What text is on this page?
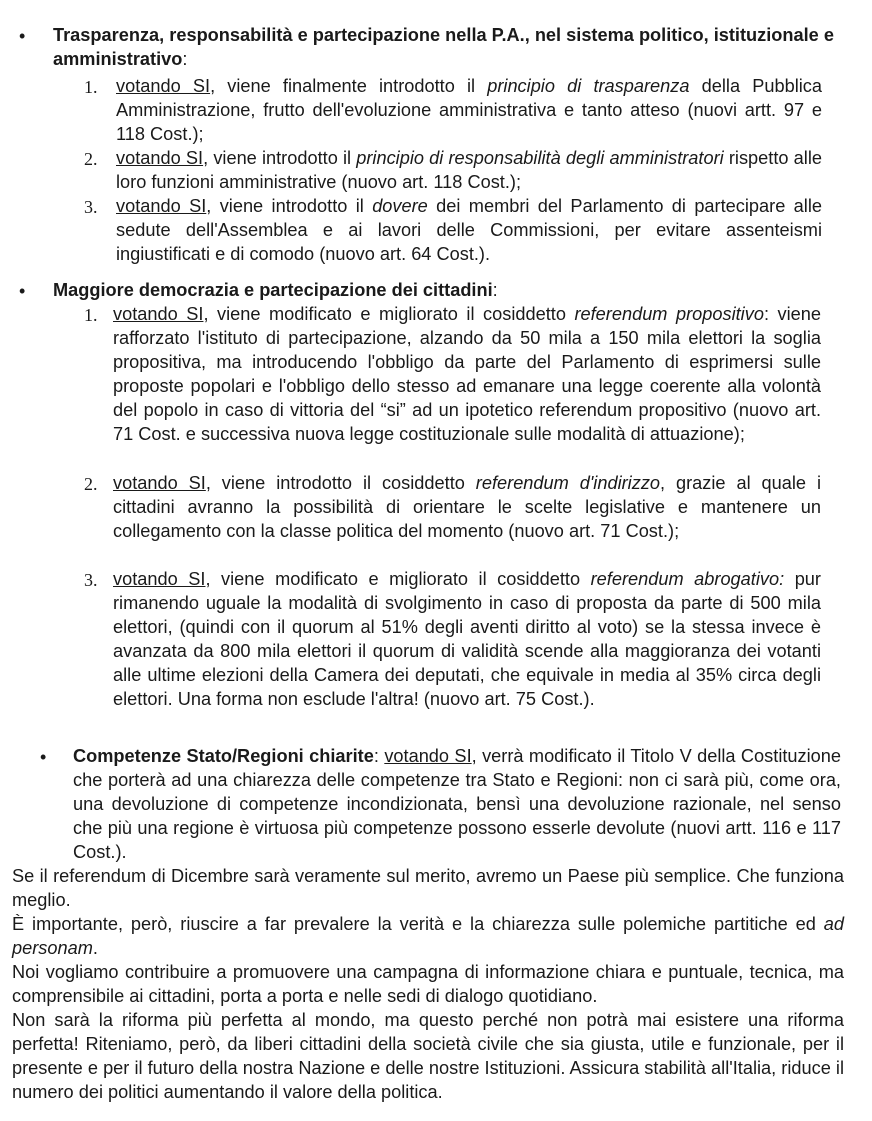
• Trasparenza, responsabilità e partecipazione nella P.A., nel sistema politico, istituzionale e amministrativo:
1. votando SI, viene finalmente introdotto il principio di trasparenza della Pubblica Amministrazione, frutto dell'evoluzione amministrativa e tanto atteso (nuovi artt. 97 e 118 Cost.);
2. votando SI, viene introdotto il principio di responsabilità degli amministratori rispetto alle loro funzioni amministrative (nuovo art. 118 Cost.);
3. votando SI, viene introdotto il dovere dei membri del Parlamento di partecipare alle sedute dell'Assemblea e ai lavori delle Commissioni, per evitare assenteismi ingiustificati e di comodo (nuovo art. 64 Cost.).
• Maggiore democrazia e partecipazione dei cittadini:
1. votando SI, viene modificato e migliorato il cosiddetto referendum propositivo: viene rafforzato l'istituto di partecipazione, alzando da 50 mila a 150 mila elettori la soglia propositiva, ma introducendo l'obbligo da parte del Parlamento di esprimersi sulle proposte popolari e l'obbligo dello stesso ad emanare una legge coerente alla volontà del popolo in caso di vittoria del “si” ad un ipotetico referendum propositivo (nuovo art. 71 Cost. e successiva nuova legge costituzionale sulle modalità di attuazione);
2. votando SI, viene introdotto il cosiddetto referendum d'indirizzo, grazie al quale i cittadini avranno la possibilità di orientare le scelte legislative e mantenere un collegamento con la classe politica del momento (nuovo art. 71 Cost.);
3. votando SI, viene modificato e migliorato il cosiddetto referendum abrogativo: pur rimanendo uguale la modalità di svolgimento in caso di proposta da parte di 500 mila elettori, (quindi con il quorum al 51% degli aventi diritto al voto) se la stessa invece è avanzata da 800 mila elettori il quorum di validità scende alla maggioranza dei votanti alle ultime elezioni della Camera dei deputati, che equivale in media al 35% circa degli elettori. Una forma non esclude l'altra! (nuovo art. 75 Cost.).
• Competenze Stato/Regioni chiarite: votando SI, verrà modificato il Titolo V della Costituzione che porterà ad una chiarezza delle competenze tra Stato e Regioni: non ci sarà più, come ora, una devoluzione di competenze incondizionata, bensì una devoluzione razionale, nel senso che più una regione è virtuosa più competenze possono esserle devolute (nuovi artt. 116 e 117 Cost.).
Se il referendum di Dicembre sarà veramente sul merito, avremo un Paese più semplice. Che funziona meglio.
È importante, però, riuscire a far prevalere la verità e la chiarezza sulle polemiche partitiche ed ad personam.
Noi vogliamo contribuire a promuovere una campagna di informazione chiara e puntuale, tecnica, ma comprensibile ai cittadini, porta a porta e nelle sedi di dialogo quotidiano.
Non sarà la riforma più perfetta al mondo, ma questo perché non potrà mai esistere una riforma perfetta! Riteniamo, però, da liberi cittadini della società civile che sia giusta, utile e funzionale, per il presente e per il futuro della nostra Nazione e delle nostre Istituzioni. Assicura stabilità all'Italia, riduce il numero dei politici aumentando il valore della politica.
